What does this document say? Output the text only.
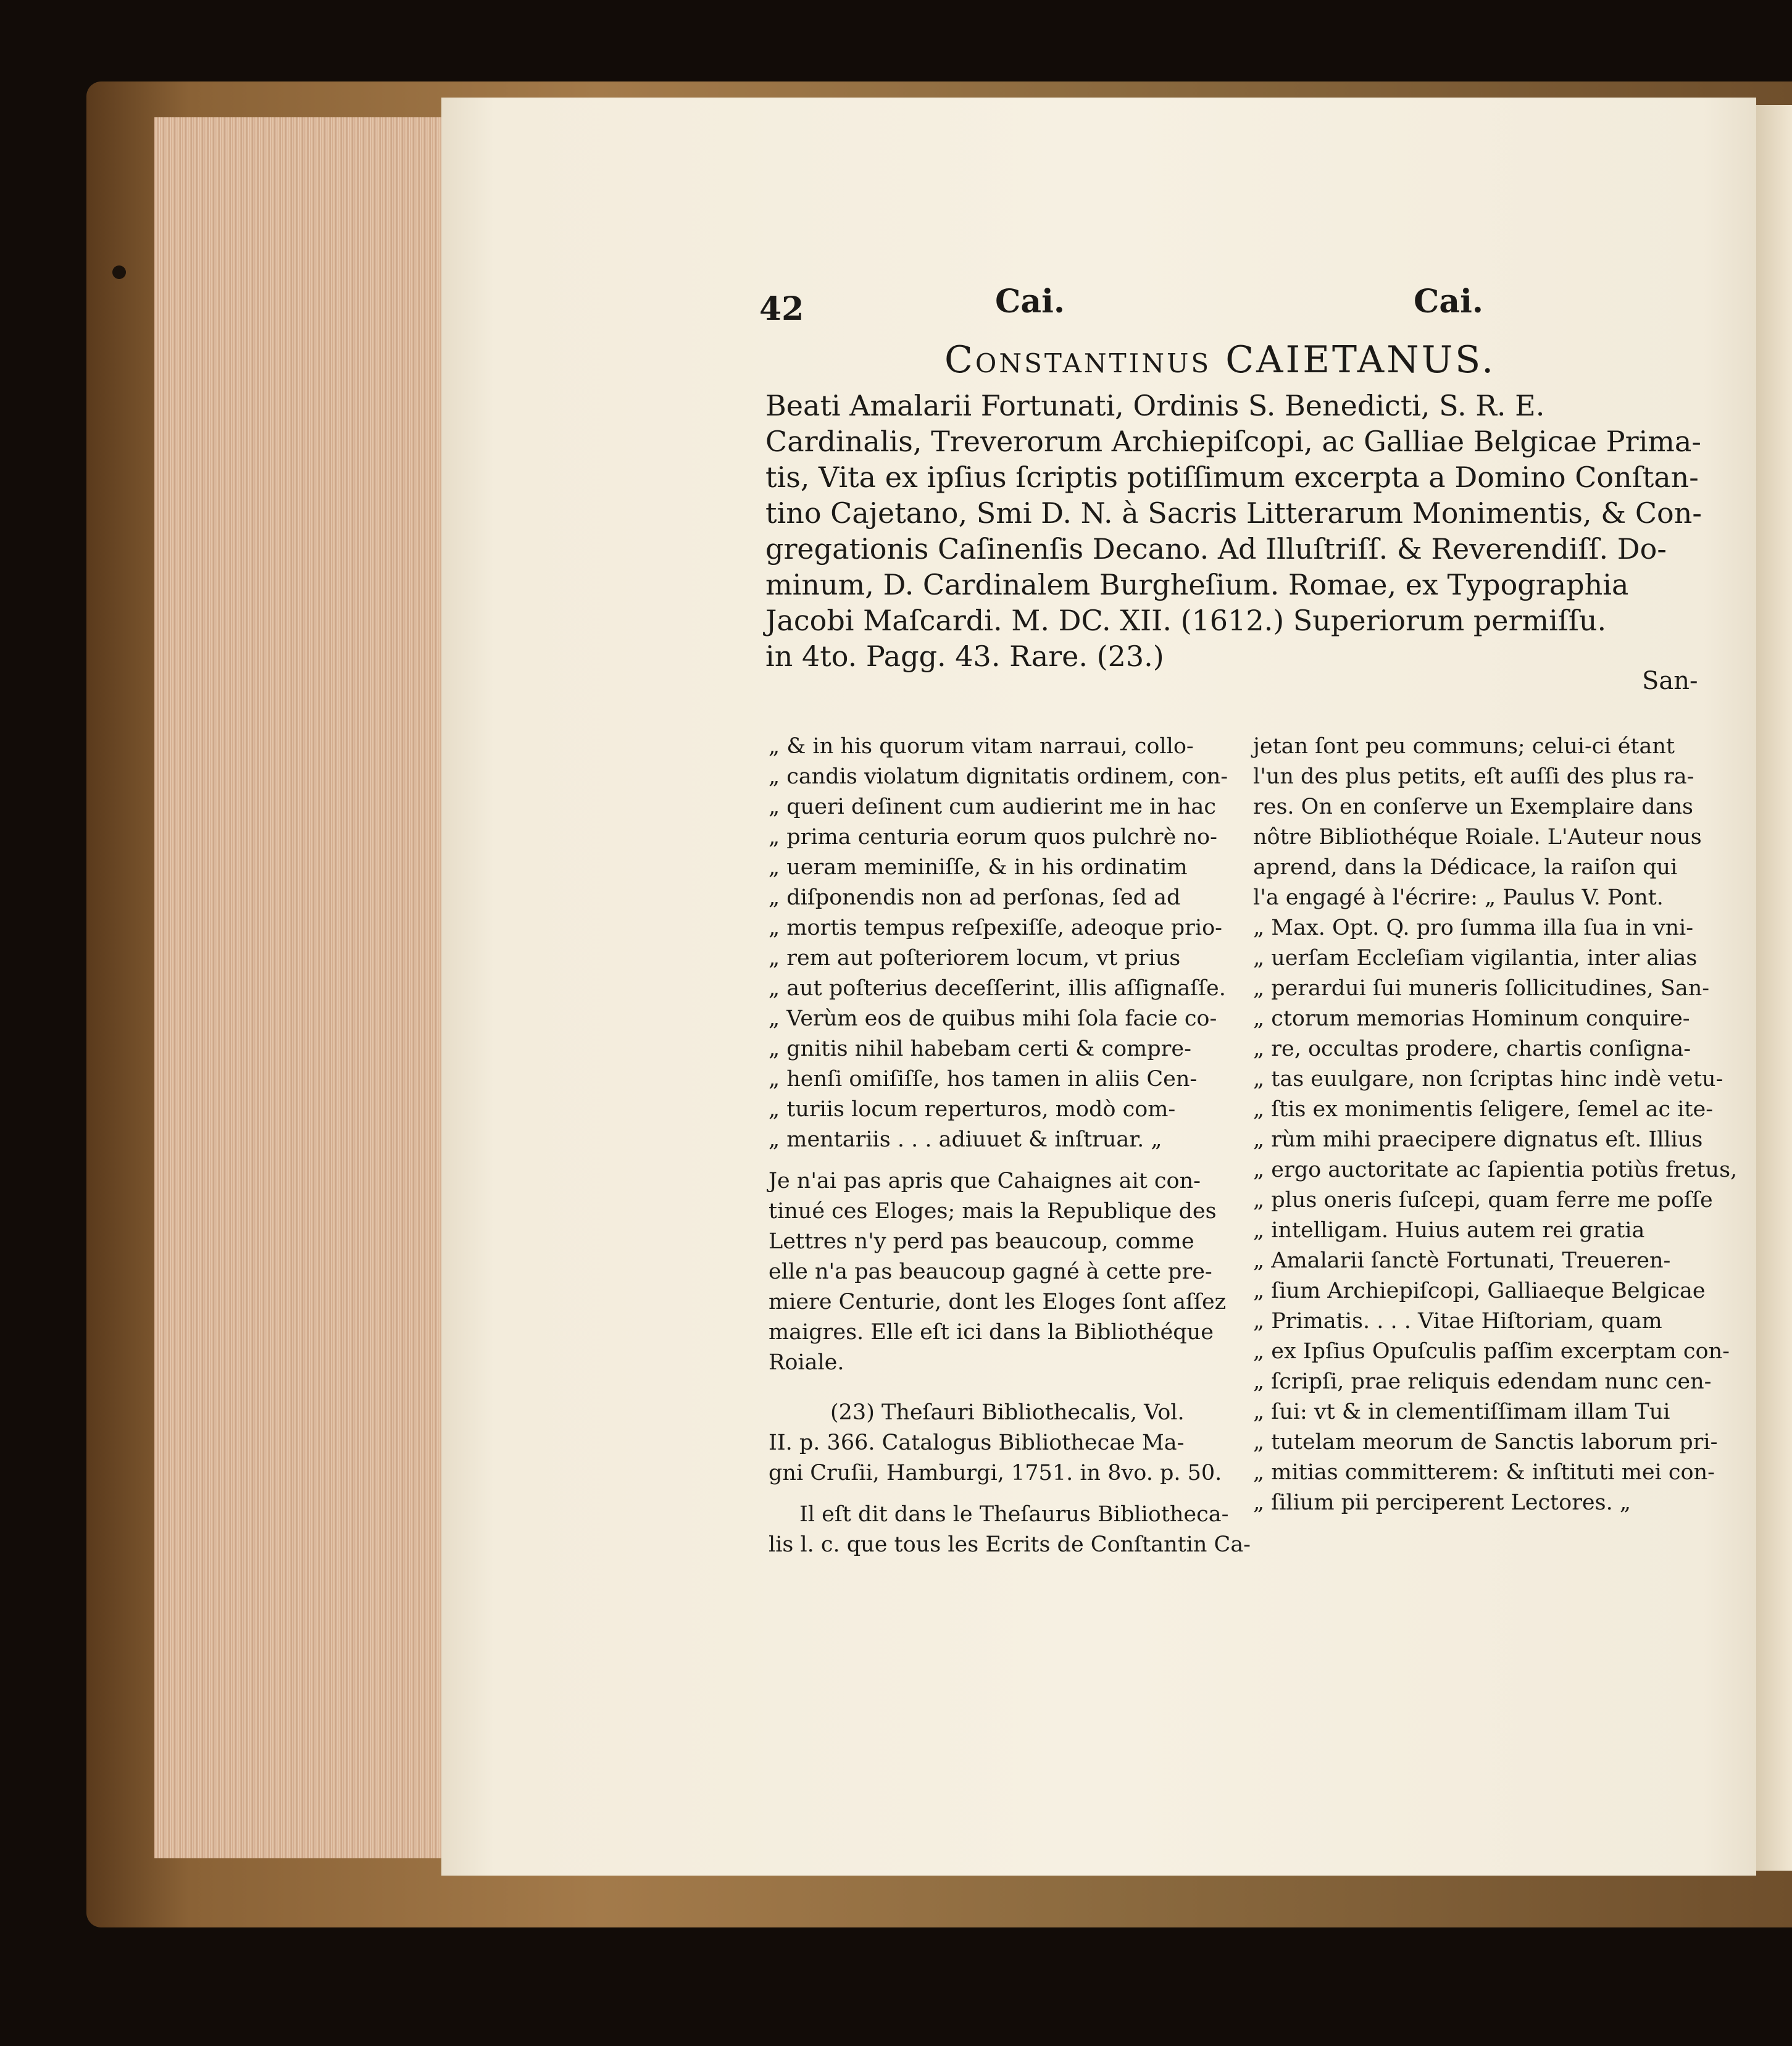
42	Cai.	Cai.
Constantinus CAIETANUS.
Beati Amalarii Fortunati, Ordinis S. Benedicti, S. R. E.
Cardinalis, Treverorum Archiepiſcopi, ac Galliae Belgicae Prima-
tis, Vita ex ipſius ſcriptis potiſſimum excerpta a Domino Conſtan-
tino Cajetano, Smi D. N. à Sacris Litterarum Monimentis, & Con-
gregationis Caſinenſis Decano. Ad Illuſtriſſ. & Reverendiſſ. Do-
minum, D. Cardinalem Burgheſium. Romae, ex Typographia
Jacobi Maſcardi. M. DC. XII. (1612.) Superiorum permiſſu.
in 4to. Pagg. 43. Rare. (23.)
San-
„ & in his quorum vitam narraui, collo-
„ candis violatum dignitatis ordinem, con-
„ queri deſinent cum audierint me in hac
„ prima centuria eorum quos pulchrè no-
„ ueram meminiſſe, & in his ordinatim
„ diſponendis non ad perſonas, ſed ad
„ mortis tempus reſpexiſſe, adeoque prio-
„ rem aut poſteriorem locum, vt prius
„ aut poſterius deceſſerint, illis aſſignaſſe.
„ Verùm eos de quibus mihi ſola facie co-
„ gnitis nihil habebam certi & compre-
„ henſi omiſiſſe, hos tamen in aliis Cen-
„ turiis locum reperturos, modò com-
„ mentariis . . . adiuuet & inſtruar. „
Je n'ai pas apris que Cahaignes ait con-
tinué ces Eloges; mais la Republique des
Lettres n'y perd pas beaucoup, comme
elle n'a pas beaucoup gagné à cette pre-
miere Centurie, dont les Eloges ſont aſſez
maigres. Elle eſt ici dans la Bibliothéque
Roiale.
(23) Theſauri Bibliothecalis, Vol.
II. p. 366. Catalogus Bibliothecae Ma-
gni Cruſii, Hamburgi, 1751. in 8vo. p. 50.
Il eſt dit dans le Theſaurus Bibliotheca-
lis l. c. que tous les Ecrits de Conſtantin Ca-
jetan ſont peu communs; celui-ci étant
l'un des plus petits, eſt auſſi des plus ra-
res. On en conſerve un Exemplaire dans
nôtre Bibliothéque Roiale. L'Auteur nous
aprend, dans la Dédicace, la raiſon qui
l'a engagé à l'écrire: „ Paulus V. Pont.
„ Max. Opt. Q. pro ſumma illa ſua in vni-
„ uerſam Eccleſiam vigilantia, inter alias
„ perardui ſui muneris ſollicitudines, San-
„ ctorum memorias Hominum conquire-
„ re, occultas prodere, chartis conſigna-
„ tas euulgare, non ſcriptas hinc indè vetu-
„ ſtis ex monimentis ſeligere, ſemel ac ite-
„ rùm mihi praecipere dignatus eſt. Illius
„ ergo auctoritate ac ſapientia potiùs fretus,
„ plus oneris ſuſcepi, quam ferre me poſſe
„ intelligam. Huius autem rei gratia
„ Amalarii ſanctè Fortunati, Treueren-
„ ſium Archiepiſcopi, Galliaeque Belgicae
„ Primatis. . . . Vitae Hiſtoriam, quam
„ ex Ipſius Opuſculis paſſim excerptam con-
„ ſcripſi, prae reliquis edendam nunc cen-
„ ſui: vt & in clementiſſimam illam Tui
„ tutelam meorum de Sanctis laborum pri-
„ mitias committerem: & inſtituti mei con-
„ ſilium pii perciperent Lectores. „
